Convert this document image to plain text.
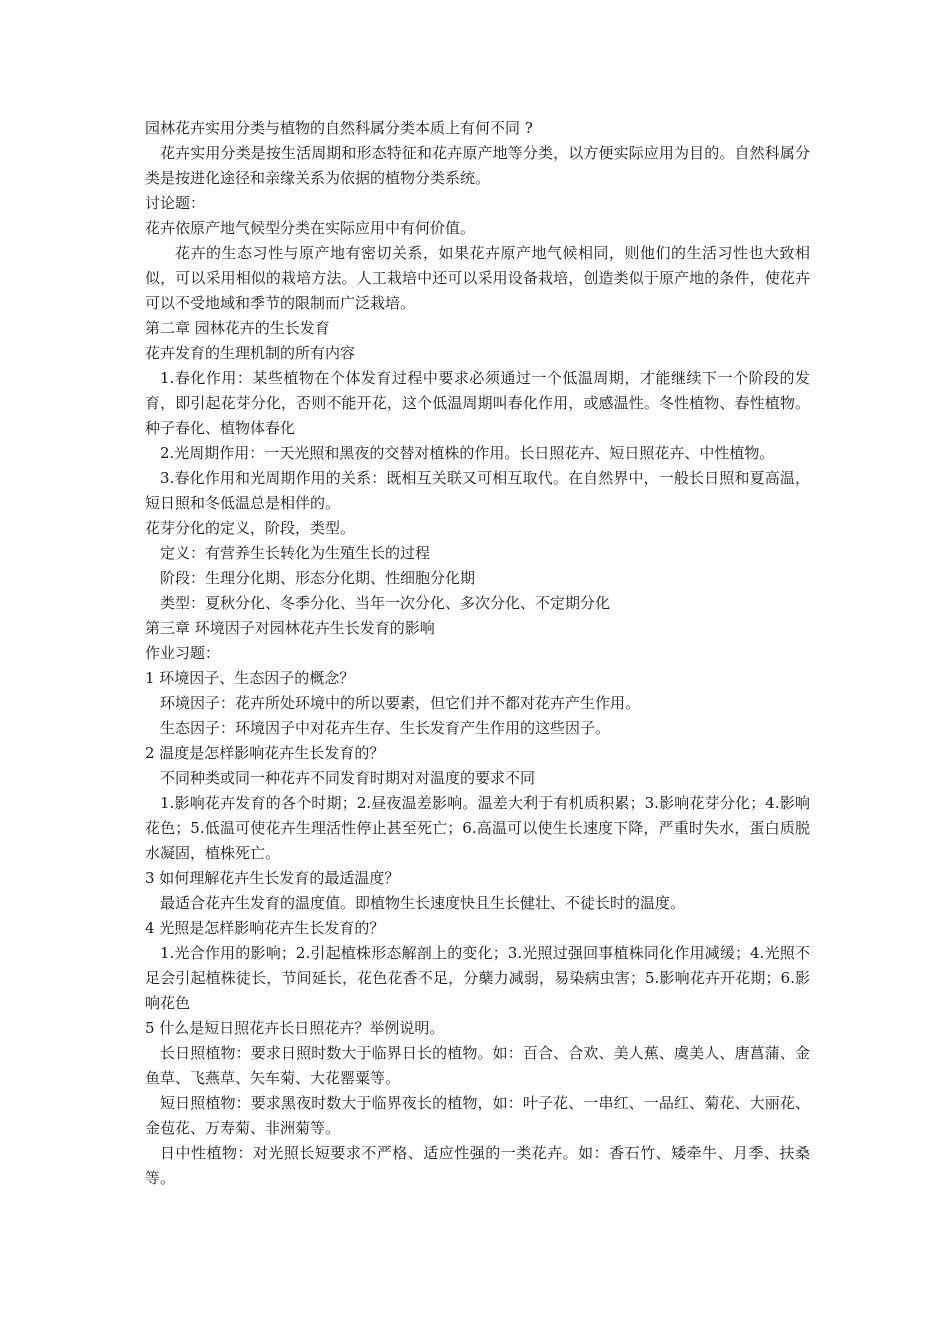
园林花卉实用分类与植物的自然科属分类本质上有何不同 ?

花卉实用分类是按生活周期和形态特征和花卉原产地等分类，以方便实际应用为目的。自然科属分类是按进化途径和亲缘关系为依据的植物分类系统。

讨论题：

花卉依原产地气候型分类在实际应用中有何价值。

花卉的生态习性与原产地有密切关系，如果花卉原产地气候相同，则他们的生活习性也大致相似，可以采用相似的栽培方法。人工栽培中还可以采用设备栽培，创造类似于原产地的条件，使花卉可以不受地域和季节的限制而广泛栽培。

第二章 园林花卉的生长发育

花卉发育的生理机制的所有内容

1.春化作用：某些植物在个体发育过程中要求必须通过一个低温周期，才能继续下一个阶段的发育，即引起花芽分化，否则不能开花，这个低温周期叫春化作用，或感温性。冬性植物、春性植物。种子春化、植物体春化

2.光周期作用：一天光照和黑夜的交替对植株的作用。长日照花卉、短日照花卉、中性植物。

3.春化作用和光周期作用的关系：既相互关联又可相互取代。在自然界中，一般长日照和夏高温，短日照和冬低温总是相伴的。

花芽分化的定义，阶段，类型。

定义：有营养生长转化为生殖生长的过程

阶段：生理分化期、形态分化期、性细胞分化期

类型：夏秋分化、冬季分化、当年一次分化、多次分化、不定期分化

第三章 环境因子对园林花卉生长发育的影响

作业习题：

1 环境因子、生态因子的概念？

环境因子：花卉所处环境中的所以要素，但它们并不都对花卉产生作用。

生态因子：环境因子中对花卉生存、生长发育产生作用的这些因子。

2 温度是怎样影响花卉生长发育的？

不同种类或同一种花卉不同发育时期对对温度的要求不同

1.影响花卉发育的各个时期；2.昼夜温差影响。温差大利于有机质积累；3.影响花芽分化；4.影响花色；5.低温可使花卉生理活性停止甚至死亡；6.高温可以使生长速度下降，严重时失水，蛋白质脱水凝固，植株死亡。

3 如何理解花卉生长发育的最适温度？

最适合花卉生发育的温度值。即植物生长速度快且生长健壮、不徒长时的温度。

4 光照是怎样影响花卉生长发育的？

1.光合作用的影响；2.引起植株形态解剖上的变化；3.光照过强回事植株同化作用减缓；4.光照不足会引起植株徒长，节间延长，花色花香不足，分蘖力减弱，易染病虫害；5.影响花卉开花期；6.影响花色

5 什么是短日照花卉长日照花卉？举例说明。

长日照植物：要求日照时数大于临界日长的植物。如：百合、合欢、美人蕉、虞美人、唐菖蒲、金鱼草、飞燕草、矢车菊、大花罂粟等。

短日照植物：要求黑夜时数大于临界夜长的植物，如：叶子花、一串红、一品红、菊花、大丽花、金苞花、万寿菊、非洲菊等。

日中性植物：对光照长短要求不严格、适应性强的一类花卉。如：香石竹、矮牵牛、月季、扶桑等。
